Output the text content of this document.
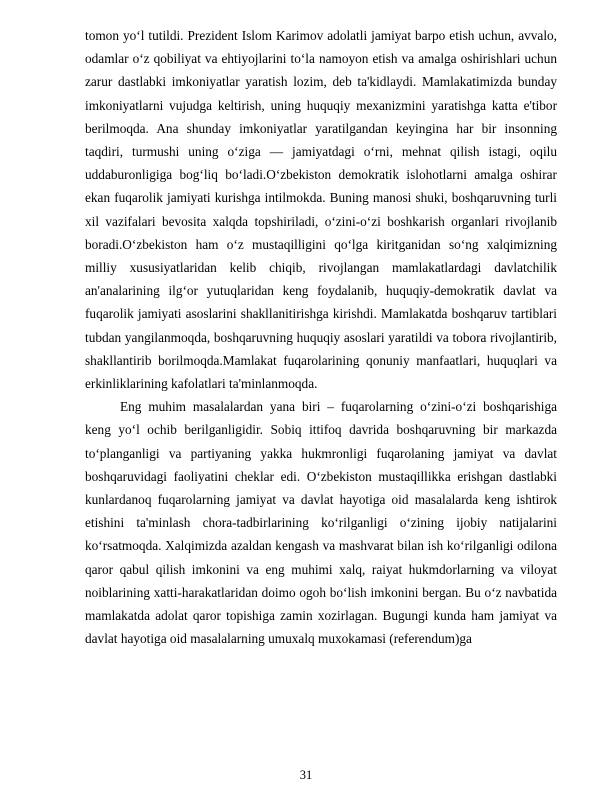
tomon yo‘l tutildi. Prezident Islom Karimov adolatli jamiyat barpo etish uchun, avvalo, odamlar o‘z qobiliyat va ehtiyojlarini to‘la namoyon etish va amalga oshirishlari uchun zarur dastlabki imkoniyatlar yaratish lozim, deb ta'kidlaydi. Mamlakatimizda bunday imkoniyatlarni vujudga keltirish, uning huquqiy mexanizmini yaratishga katta e'tibor berilmoqda. Ana shunday imkoniyatlar yaratilgandan keyingina har bir insonning taqdiri, turmushi uning o‘ziga — jamiyatdagi o‘rni, mehnat qilish istagi, oqilu uddaburonligiga bog‘liq bo‘ladi.O‘zbekiston demokratik islohotlarni amalga oshirar ekan fuqarolik jamiyati kurishga intilmokda. Buning manosi shuki, boshqaruvning turli xil vazifalari bevosita xalqda topshiriladi, o‘zini-o‘zi boshkarish organlari rivojlanib boradi.O‘zbekiston ham o‘z mustaqilligini qo‘lga kiritganidan so‘ng xalqimizning milliy xususiyatlaridan kelib chiqib, rivojlangan mamlakatlardagi davlatchilik an'analarining ilg‘or yutuqlaridan keng foydalanib, huquqiy-demokratik davlat va fuqarolik jamiyati asoslarini shakllanitirishga kirishdi. Mamlakatda boshqaruv tartiblari tubdan yangilanmoqda, boshqaruvning huquqiy asoslari yaratildi va tobora rivojlantirib, shakllantirib borilmoqda.Mamlakat fuqarolarining qonuniy manfaatlari, huquqlari va erkinliklarining kafolatlari ta'minlanmoqda.

Eng muhim masalalardan yana biri – fuqarolarning o‘zini-o‘zi boshqarishiga keng yo‘l ochib berilganligidir. Sobiq ittifoq davrida boshqaruvning bir markazda to‘planganligi va partiyaning yakka hukmronligi fuqarolaning jamiyat va davlat boshqaruvidagi faoliyatini cheklar edi. O‘zbekiston mustaqillikka erishgan dastlabki kunlardanoq fuqarolarning jamiyat va davlat hayotiga oid masalalarda keng ishtirok etishini ta'minlash chora-tadbirlarining ko‘rilganligi o‘zining ijobiy natijalarini ko‘rsatmoqda. Xalqimizda azaldan kengash va mashvarat bilan ish ko‘rilganligi odilona qaror qabul qilish imkonini va eng muhimi xalq, raiyat hukmdorlarning va viloyat noiblarining xatti-harakatlaridan doimo ogoh bo‘lish imkonini bergan. Bu o‘z navbatida mamlakatda adolat qaror topishiga zamin xozirlagan. Bugungi kunda ham jamiyat va davlat hayotiga oid masalalarning umuxalq muxokamasi (referendum)ga

31
